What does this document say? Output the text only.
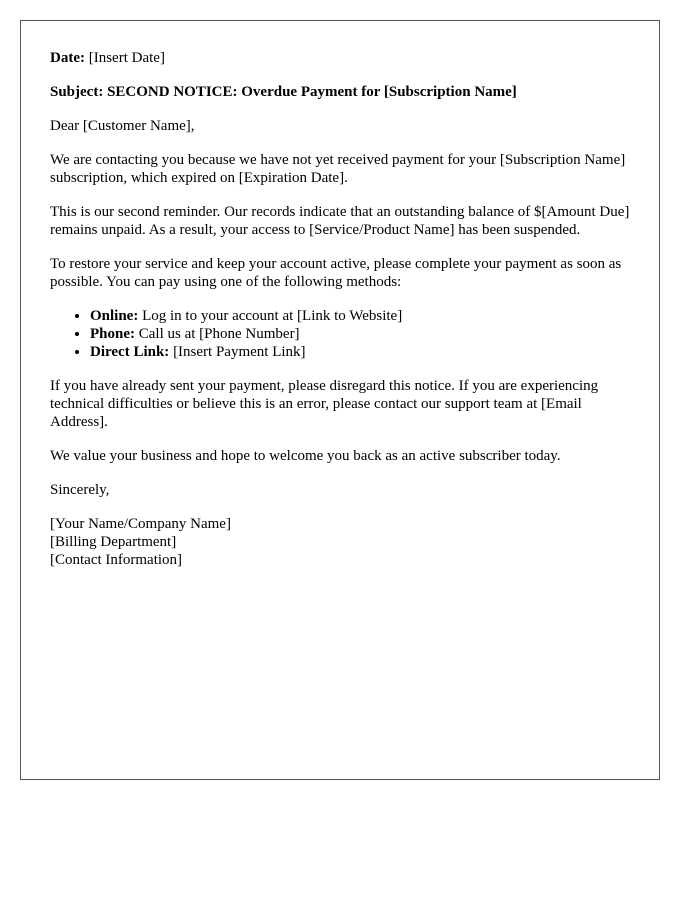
Date: [Insert Date]

Subject: SECOND NOTICE: Overdue Payment for [Subscription Name]

Dear [Customer Name],

We are contacting you because we have not yet received payment for your [Subscription Name] subscription, which expired on [Expiration Date].

This is our second reminder. Our records indicate that an outstanding balance of $[Amount Due] remains unpaid. As a result, your access to [Service/Product Name] has been suspended.

To restore your service and keep your account active, please complete your payment as soon as possible. You can pay using one of the following methods:

• Online: Log in to your account at [Link to Website]
• Phone: Call us at [Phone Number]
• Direct Link: [Insert Payment Link]

If you have already sent your payment, please disregard this notice. If you are experiencing technical difficulties or believe this is an error, please contact our support team at [Email Address].

We value your business and hope to welcome you back as an active subscriber today.

Sincerely,

[Your Name/Company Name]
[Billing Department]
[Contact Information]
